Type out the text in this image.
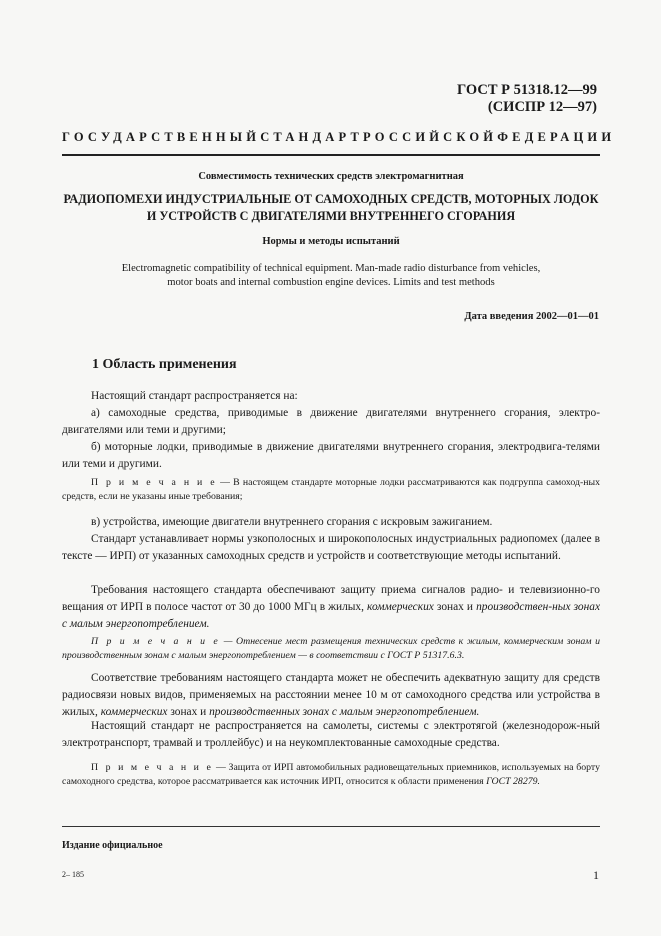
ГОСТ Р 51318.12—99
(СИСПР 12—97)
ГОСУДАРСТВЕННЫЙ СТАНДАРТ РОССИЙСКОЙ ФЕДЕРАЦИИ
Совместимость технических средств электромагнитная
РАДИОПОМЕХИ ИНДУСТРИАЛЬНЫЕ ОТ САМОХОДНЫХ СРЕДСТВ, МОТОРНЫХ ЛОДОК
И УСТРОЙСТВ С ДВИГАТЕЛЯМИ ВНУТРЕННЕГО СГОРАНИЯ
Нормы и методы испытаний
Electromagnetic compatibility of technical equipment. Man-made radio disturbance from vehicles,
motor boats and internal combustion engine devices. Limits and test methods
Дата введения 2002—01—01
1 Область применения
Настоящий стандарт распространяется на:
а) самоходные средства, приводимые в движение двигателями внутреннего сгорания, электро-двигателями или теми и другими;
б) моторные лодки, приводимые в движение двигателями внутреннего сгорания, электродвига-телями или теми и другими.
П р и м е ч а н и е — В настоящем стандарте моторные лодки рассматриваются как подгруппа самоход-ных средств, если не указаны иные требования;
в) устройства, имеющие двигатели внутреннего сгорания с искровым зажиганием.
Стандарт устанавливает нормы узкополосных и широкополосных индустриальных радиопомех (далее в тексте — ИРП) от указанных самоходных средств и устройств и соответствующие методы испытаний.
Требования настоящего стандарта обеспечивают защиту приема сигналов радио- и телевизионно-го вещания от ИРП в полосе частот от 30 до 1000 МГц в жилых, коммерческих зонах и производствен-ных зонах с малым энергопотреблением.
П р и м е ч а н и е — Отнесение мест размещения технических средств к жилым, коммерческим зонам и производственным зонам с малым энергопотреблением — в соответствии с ГОСТ Р 51317.6.3.
Соответствие требованиям настоящего стандарта может не обеспечить адекватную защиту для средств радиосвязи новых видов, применяемых на расстоянии менее 10 м от самоходного средства или устройства в жилых, коммерческих зонах и производственных зонах с малым энергопотреблением.
Настоящий стандарт не распространяется на самолеты, системы с электротягой (железнодорож-ный электротранспорт, трамвай и троллейбус) и на неукомплектованные самоходные средства.
П р и м е ч а н и е — Защита от ИРП автомобильных радиовещательных приемников, используемых на борту самоходного средства, которое рассматривается как источник ИРП, относится к области применения ГОСТ 28279.
Издание официальное
2– 185	1
